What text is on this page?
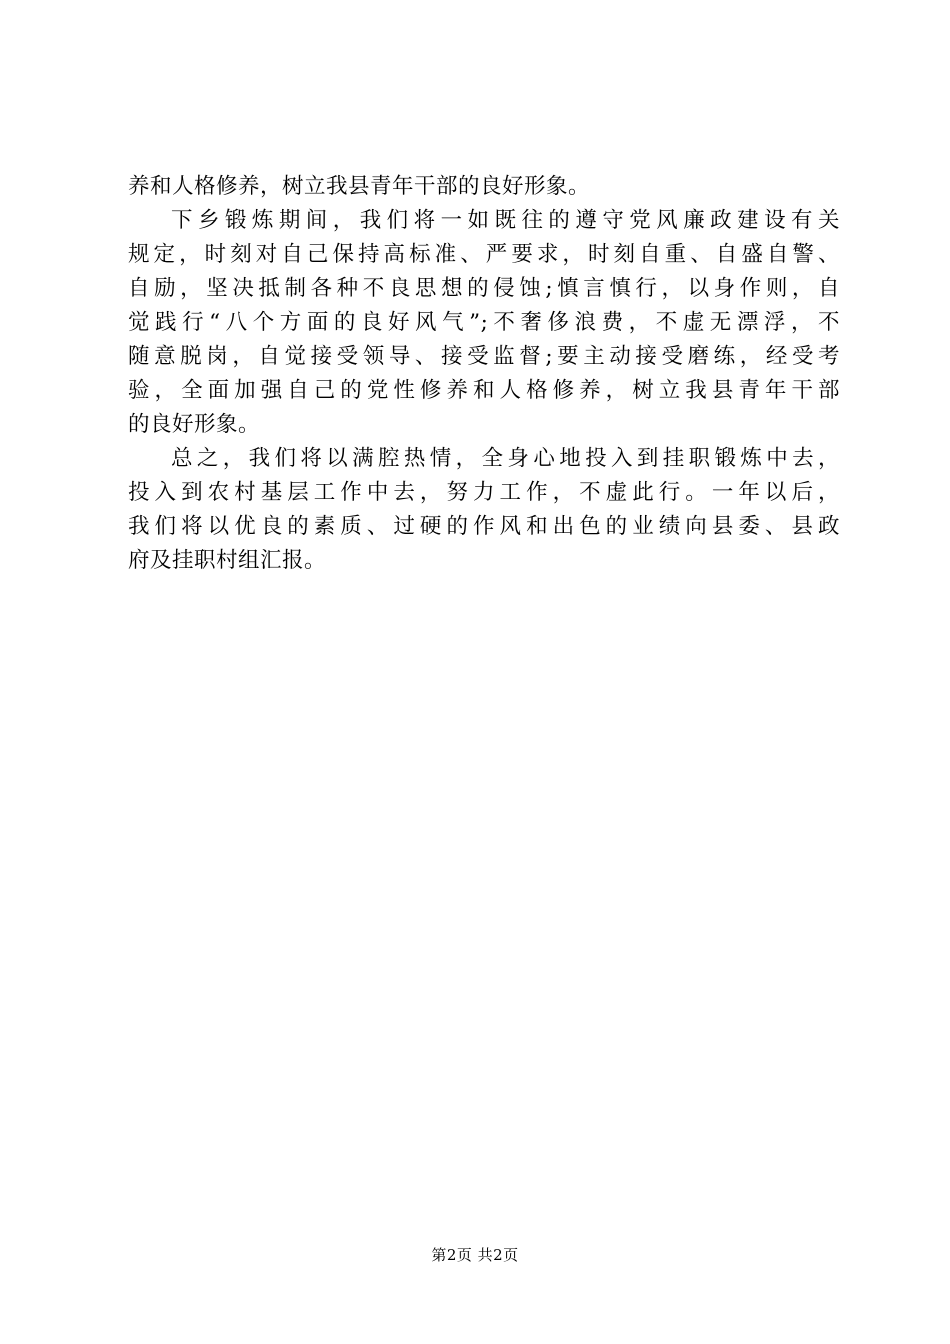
养和人格修养，树立我县青年干部的良好形象。
下乡锻炼期间，我们将一如既往的遵守党风廉政建设有关
规定，时刻对自己保持高标准、严要求，时刻自重、自盛自警、
自励，坚决抵制各种不良思想的侵蚀;慎言慎行，以身作则，自
觉践行“八个方面的良好风气”;不奢侈浪费，不虚无漂浮，不
随意脱岗，自觉接受领导、接受监督;要主动接受磨练，经受考
验，全面加强自己的党性修养和人格修养，树立我县青年干部
的良好形象。
总之，我们将以满腔热情，全身心地投入到挂职锻炼中去，
投入到农村基层工作中去，努力工作，不虚此行。一年以后，
我们将以优良的素质、过硬的作风和出色的业绩向县委、县政
府及挂职村组汇报。
第2页 共2页
